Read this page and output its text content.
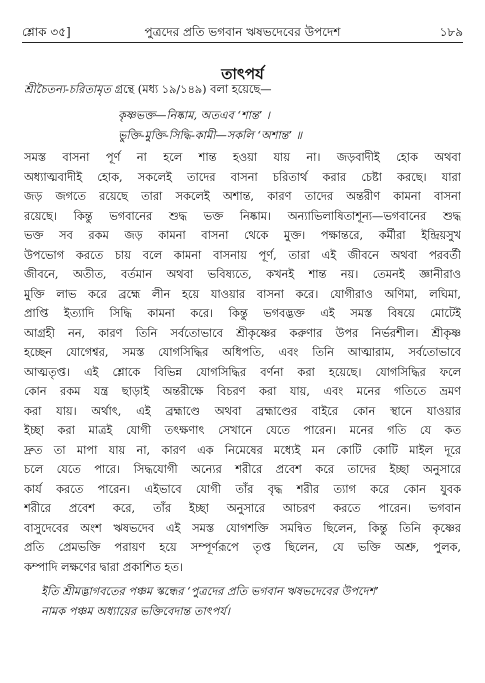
শ্লোক ৩৫]	পুত্রদের প্রতি ভগবান ঋষভদেবের উপদেশ	১৮৯
তাৎপর্য
শ্রীচৈতন্য-চরিতামৃত গ্রন্থে (মধ্য ১৯/১৪৯) বলা হয়েছে—
কৃষ্ণভক্ত—নিষ্কাম, অতএব ‘শান্ত’ ।
ভুক্তি-মুক্তি-সিদ্ধি-কামী—সকলি ‘অশান্ত’ ॥
সমস্ত বাসনা পূর্ণ না হলে শান্ত হওয়া যায় না। জড়বাদীই হোক অথবা
অধ্যাত্মবাদীই হোক, সকলেই তাদের বাসনা চরিতার্থ করার চেষ্টা করছে। যারা
জড় জগতে রয়েছে তারা সকলেই অশান্ত, কারণ তাদের অন্তরীণ কামনা বাসনা
রয়েছে। কিন্তু ভগবানের শুদ্ধ ভক্ত নিষ্কাম। অন্যাভিলাষিতাশূন্য—ভগবানের শুদ্ধ
ভক্ত সব রকম জড় কামনা বাসনা থেকে মুক্ত। পক্ষান্তরে, কর্মীরা ইন্দ্রিয়সুখ
উপভোগ করতে চায় বলে কামনা বাসনায় পূর্ণ, তারা এই জীবনে অথবা পরবর্তী
জীবনে, অতীত, বর্তমান অথবা ভবিষ্যতে, কখনই শান্ত নয়। তেমনই জ্ঞানীরাও
মুক্তি লাভ করে ব্রহ্মে লীন হয়ে যাওয়ার বাসনা করে। যোগীরাও অণিমা, লঘিমা,
প্রাপ্তি ইত্যাদি সিদ্ধি কামনা করে। কিন্তু ভগবদ্ভক্ত এই সমস্ত বিষয়ে মোটেই
আগ্রহী নন, কারণ তিনি সর্বতোভাবে শ্রীকৃষ্ণের করুণার উপর নির্ভরশীল। শ্রীকৃষ্ণ
হচ্ছেন যোগেশ্বর, সমস্ত যোগসিদ্ধির অধিপতি, এবং তিনি আত্মারাম, সর্বতোভাবে
আত্মতৃপ্ত। এই শ্লোকে বিভিন্ন যোগসিদ্ধির বর্ণনা করা হয়েছে। যোগসিদ্ধির ফলে
কোন রকম যন্ত্র ছাড়াই অন্তরীক্ষে বিচরণ করা যায়, এবং মনের গতিতে ভ্রমণ
করা যায়। অর্থাৎ, এই ব্রহ্মাণ্ডে অথবা ব্রহ্মাণ্ডের বাইরে কোন স্থানে যাওয়ার
ইচ্ছা করা মাত্রই যোগী তৎক্ষণাৎ সেখানে যেতে পারেন। মনের গতি যে কত
দ্রুত তা মাপা যায় না, কারণ এক নিমেষের মধ্যেই মন কোটি কোটি মাইল দূরে
চলে যেতে পারে। সিদ্ধযোগী অন্যের শরীরে প্রবেশ করে তাদের ইচ্ছা অনুসারে
কার্য করতে পারেন। এইভাবে যোগী তাঁর বৃদ্ধ শরীর ত্যাগ করে কোন যুবক
শরীরে প্রবেশ করে, তাঁর ইচ্ছা অনুসারে আচরণ করতে পারেন। ভগবান
বাসুদেবের অংশ ঋষভদেব এই সমস্ত যোগশক্তি সমন্বিত ছিলেন, কিন্তু তিনি কৃষ্ণের
প্রতি প্রেমভক্তি পরায়ণ হয়ে সম্পূর্ণরূপে তৃপ্ত ছিলেন, যে ভক্তি অশ্রু, পুলক,
কম্পাদি লক্ষণের দ্বারা প্রকাশিত হত।
ইতি শ্রীমদ্ভাগবতের পঞ্চম স্কন্ধের ‘পুত্রদের প্রতি ভগবান ঋষভদেবের উপদেশ’
নামক পঞ্চম অধ্যায়ের ভক্তিবেদান্ত তাৎপর্য।
